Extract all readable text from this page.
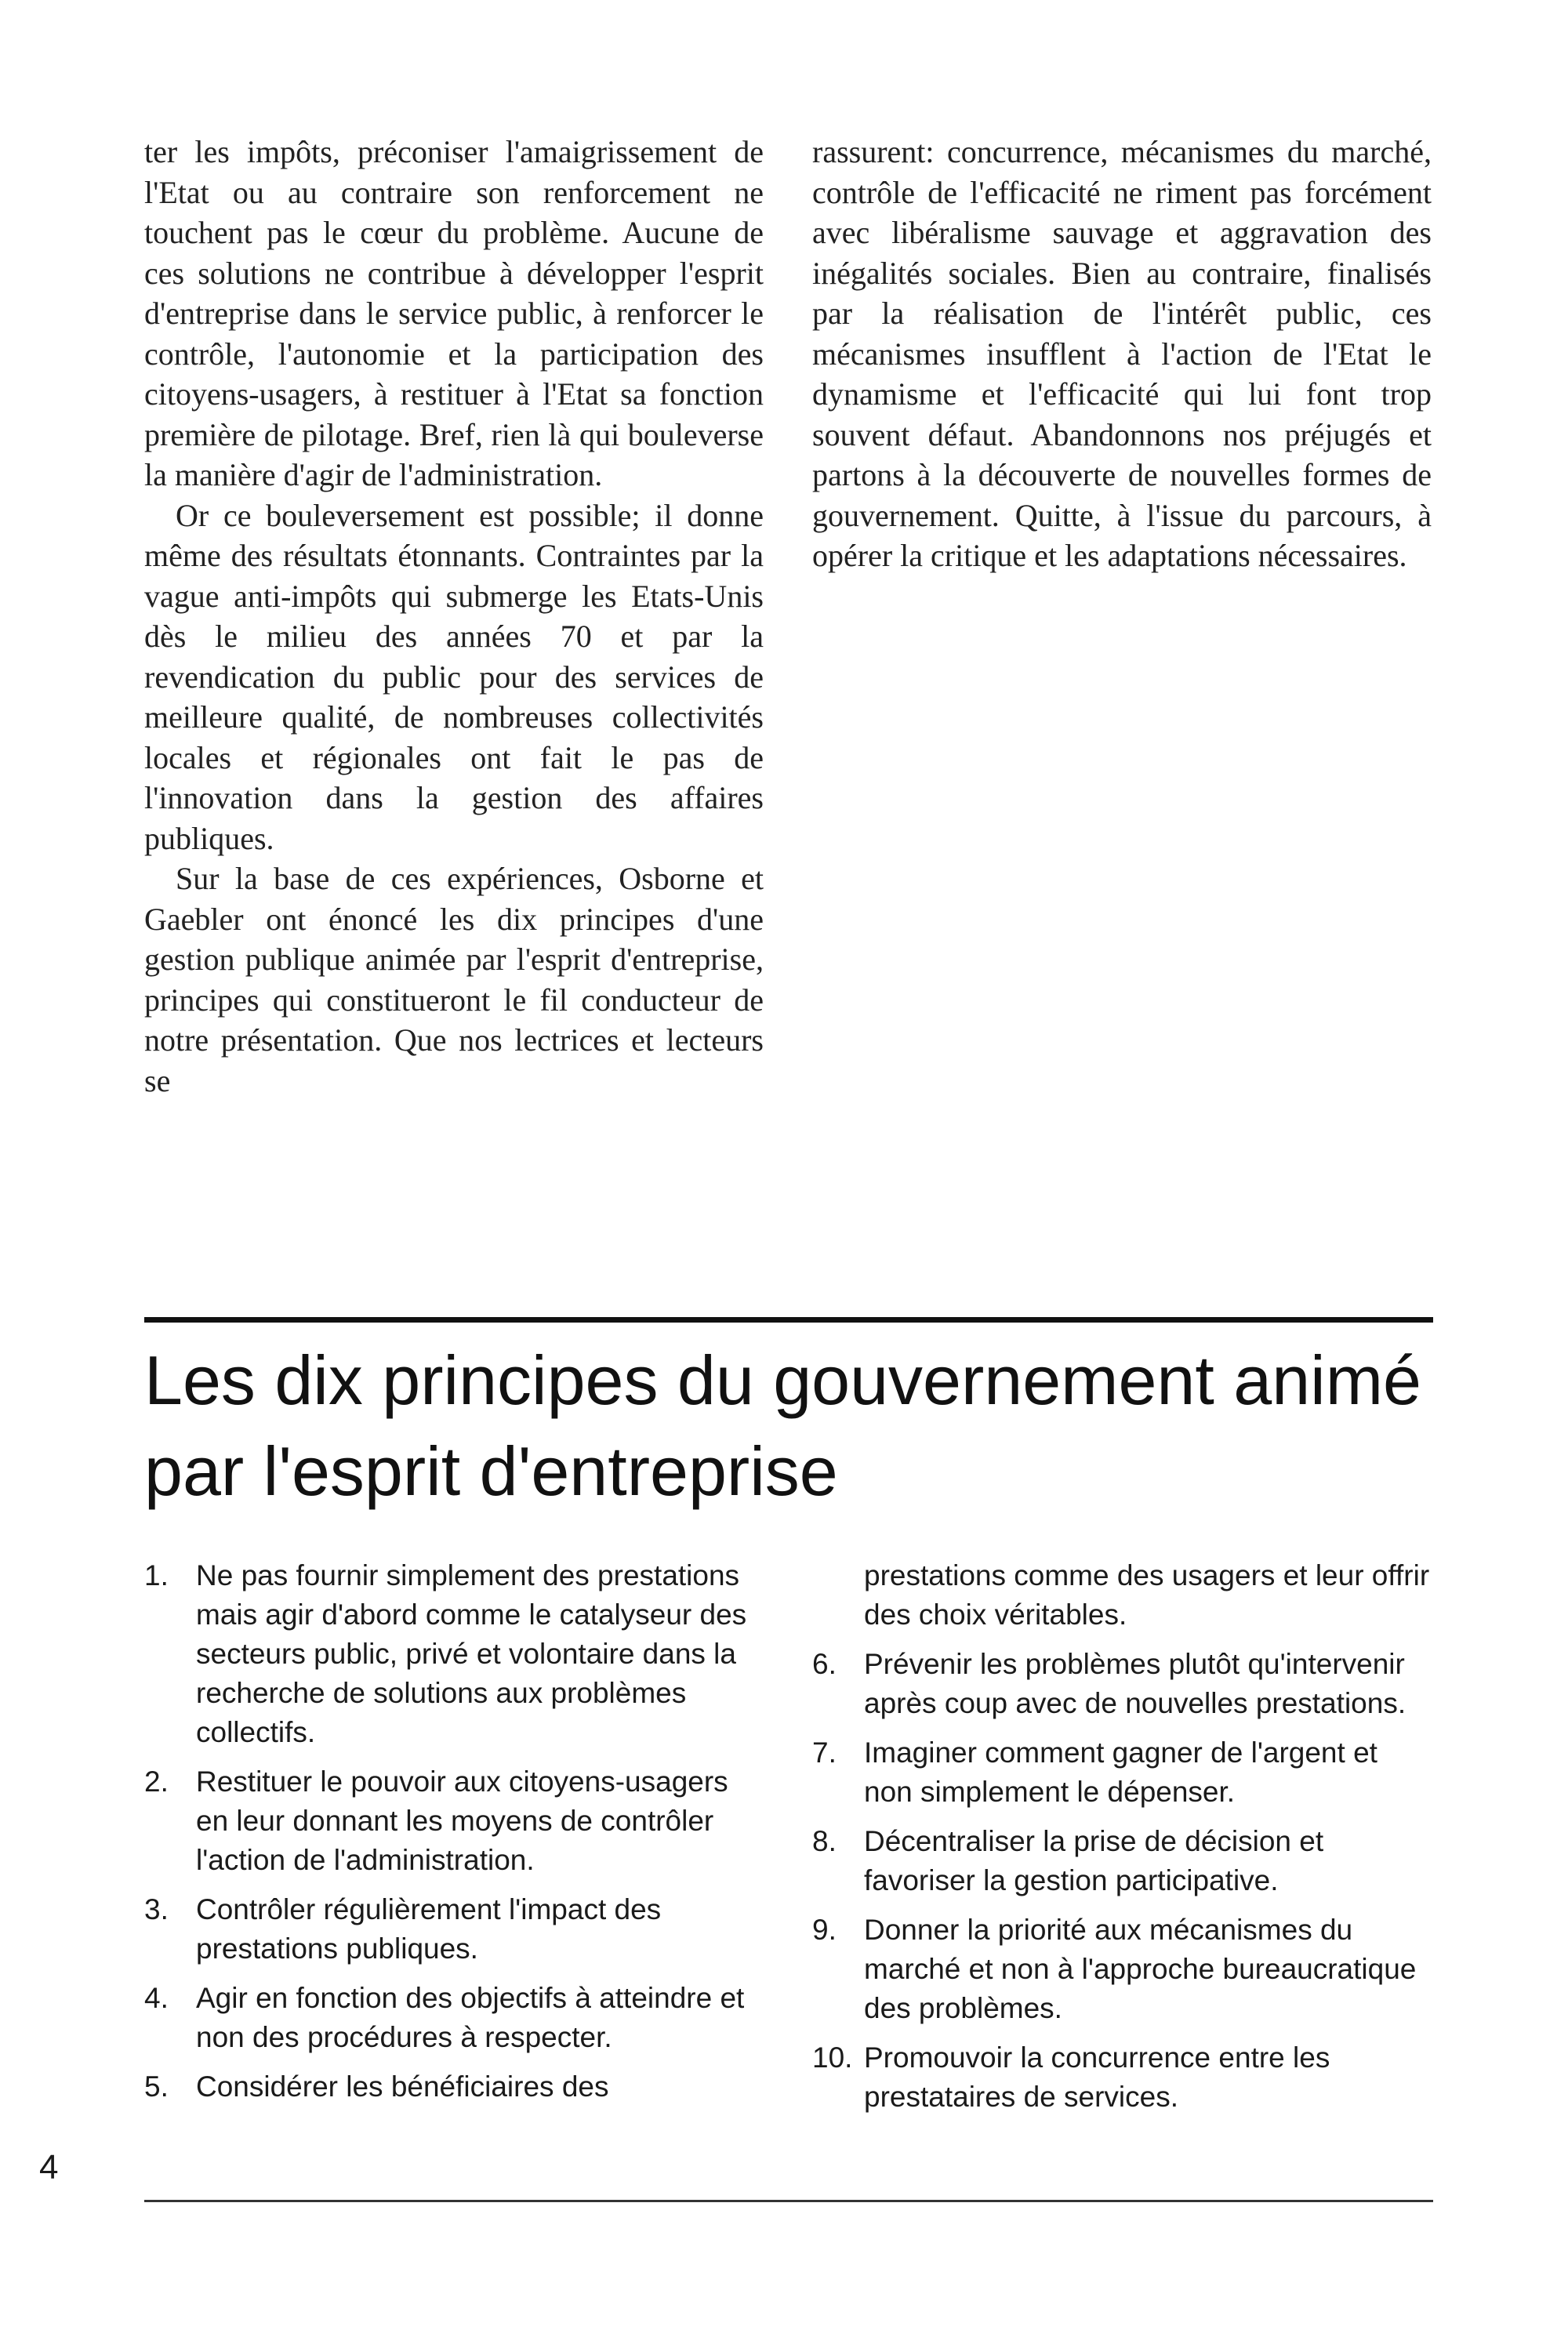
ter les impôts, préconiser l'amaigrissement de l'Etat ou au contraire son renforcement ne touchent pas le cœur du problème. Aucune de ces solutions ne contribue à développer l'esprit d'entreprise dans le service public, à renforcer le contrôle, l'autonomie et la participation des citoyens-usagers, à restituer à l'Etat sa fonction première de pilotage. Bref, rien là qui bouleverse la manière d'agir de l'administration.

Or ce bouleversement est possible; il donne même des résultats étonnants. Contraintes par la vague anti-impôts qui submerge les Etats-Unis dès le milieu des années 70 et par la revendication du public pour des services de meilleure qualité, de nombreuses collectivités locales et régionales ont fait le pas de l'innovation dans la gestion des affaires publiques.

Sur la base de ces expériences, Osborne et Gaebler ont énoncé les dix principes d'une gestion publique animée par l'esprit d'entreprise, principes qui constitueront le fil conducteur de notre présentation. Que nos lectrices et lecteurs se

rassurent: concurrence, mécanismes du marché, contrôle de l'efficacité ne riment pas forcément avec libéralisme sauvage et aggravation des inégalités sociales. Bien au contraire, finalisés par la réalisation de l'intérêt public, ces mécanismes insufflent à l'action de l'Etat le dynamisme et l'efficacité qui lui font trop souvent défaut. Abandonnons nos préjugés et partons à la découverte de nouvelles formes de gouvernement. Quitte, à l'issue du parcours, à opérer la critique et les adaptations nécessaires.

Les dix principes du gouvernement animé par l'esprit d'entreprise
1. Ne pas fournir simplement des prestations mais agir d'abord comme le catalyseur des secteurs public, privé et volontaire dans la recherche de solutions aux problèmes collectifs.
2. Restituer le pouvoir aux citoyens-usagers en leur donnant les moyens de contrôler l'action de l'administration.
3. Contrôler régulièrement l'impact des prestations publiques.
4. Agir en fonction des objectifs à atteindre et non des procédures à respecter.
5. Considérer les bénéficiaires des
prestations comme des usagers et leur offrir des choix véritables.
6. Prévenir les problèmes plutôt qu'intervenir après coup avec de nouvelles prestations.
7. Imaginer comment gagner de l'argent et non simplement le dépenser.
8. Décentraliser la prise de décision et favoriser la gestion participative.
9. Donner la priorité aux mécanismes du marché et non à l'approche bureaucratique des problèmes.
10. Promouvoir la concurrence entre les prestataires de services.
4
